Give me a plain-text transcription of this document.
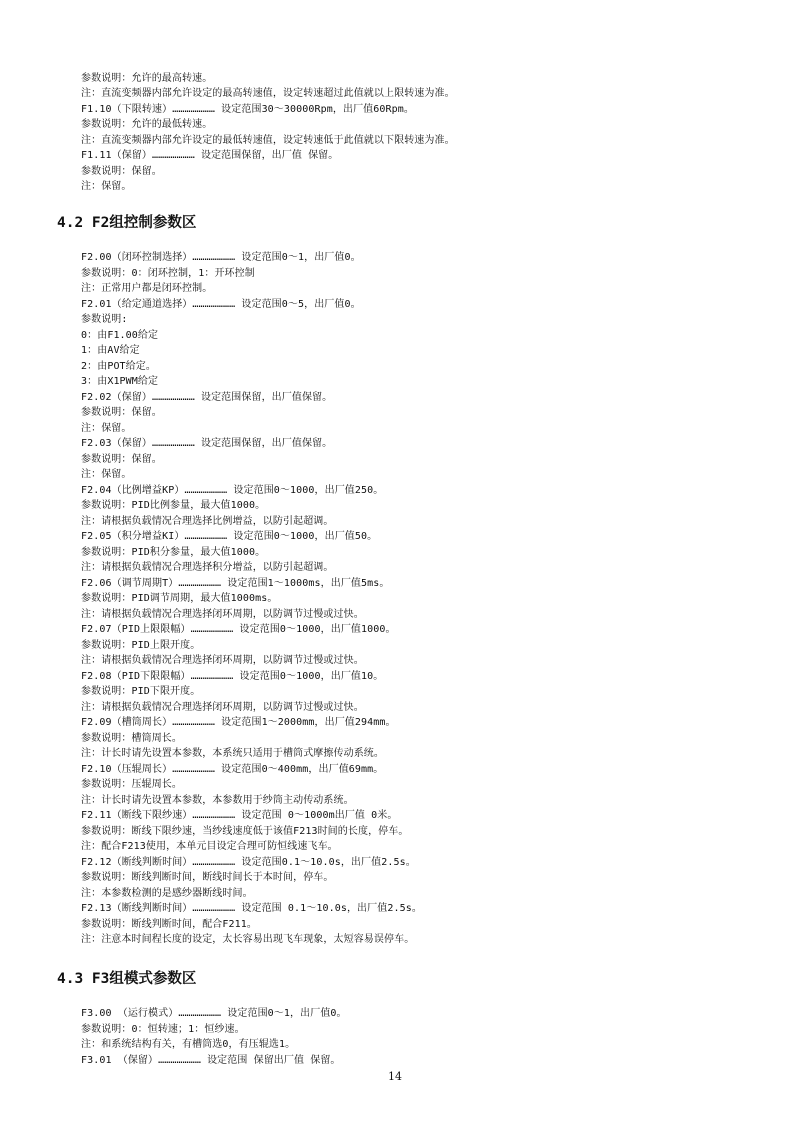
参数说明：允许的最高转速。
注：直流变频器内部允许设定的最高转速值，设定转速超过此值就以上限转速为准。
F1.10（下限转速）………………… 设定范围30～30000Rpm，出厂值60Rpm。
参数说明：允许的最低转速。
注：直流变频器内部允许设定的最低转速值，设定转速低于此值就以下限转速为准。
F1.11（保留）………………… 设定范围保留，出厂值 保留。
参数说明：保留。
注：保留。
4.2 F2组控制参数区
F2.00（闭环控制选择）………………… 设定范围0～1，出厂值0。
参数说明：0：闭环控制，1：开环控制
注：正常用户都是闭环控制。
F2.01（给定通道选择）………………… 设定范围0～5，出厂值0。
参数说明:
0：由F1.00给定
1：由AV给定
2：由POT给定。
3：由X1PWM给定
F2.02（保留）………………… 设定范围保留，出厂值保留。
参数说明：保留。
注：保留。
F2.03（保留）………………… 设定范围保留，出厂值保留。
参数说明：保留。
注：保留。
F2.04（比例增益KP）………………… 设定范围0～1000，出厂值250。
参数说明：PID比例参量，最大值1000。
注：请根据负载情况合理选择比例增益，以防引起超调。
F2.05（积分增益KI）………………… 设定范围0～1000，出厂值50。
参数说明：PID积分参量，最大值1000。
注：请根据负载情况合理选择积分增益，以防引起超调。
F2.06（调节周期T）………………… 设定范围1～1000ms，出厂值5ms。
参数说明：PID调节周期，最大值1000ms。
注：请根据负载情况合理选择闭环周期，以防调节过慢或过快。
F2.07（PID上限限幅）………………… 设定范围0～1000，出厂值1000。
参数说明：PID上限开度。
注：请根据负载情况合理选择闭环周期，以防调节过慢或过快。
F2.08（PID下限限幅）………………… 设定范围0～1000，出厂值10。
参数说明：PID下限开度。
注：请根据负载情况合理选择闭环周期，以防调节过慢或过快。
F2.09（槽筒周长）………………… 设定范围1～2000mm，出厂值294mm。
参数说明：槽筒周长。
注：计长时请先设置本参数，本系统只适用于槽筒式摩擦传动系统。
F2.10（压辊周长）………………… 设定范围0～400mm，出厂值69mm。
参数说明：压辊周长。
注：计长时请先设置本参数，本参数用于纱筒主动传动系统。
F2.11（断线下限纱速）………………… 设定范围 0～1000m出厂值 0米。
参数说明：断线下限纱速，当纱线速度低于该值F213时间的长度，停车。
注：配合F213使用，本单元目设定合理可防恒线速飞车。
F2.12（断线判断时间）………………… 设定范围0.1～10.0s，出厂值2.5s。
参数说明：断线判断时间，断线时间长于本时间，停车。
注：本参数检测的是感纱器断线时间。
F2.13（断线判断时间）………………… 设定范围 0.1～10.0s，出厂值2.5s。
参数说明：断线判断时间，配合F211。
注：注意本时间程长度的设定，太长容易出现飞车现象，太短容易误停车。
4.3 F3组模式参数区
F3.00 （运行模式）………………… 设定范围0～1，出厂值0。
参数说明：0：恒转速；1：恒纱速。
注：和系统结构有关，有槽筒选0，有压辊选1。
F3.01 （保留）………………… 设定范围 保留出厂值 保留。
14
